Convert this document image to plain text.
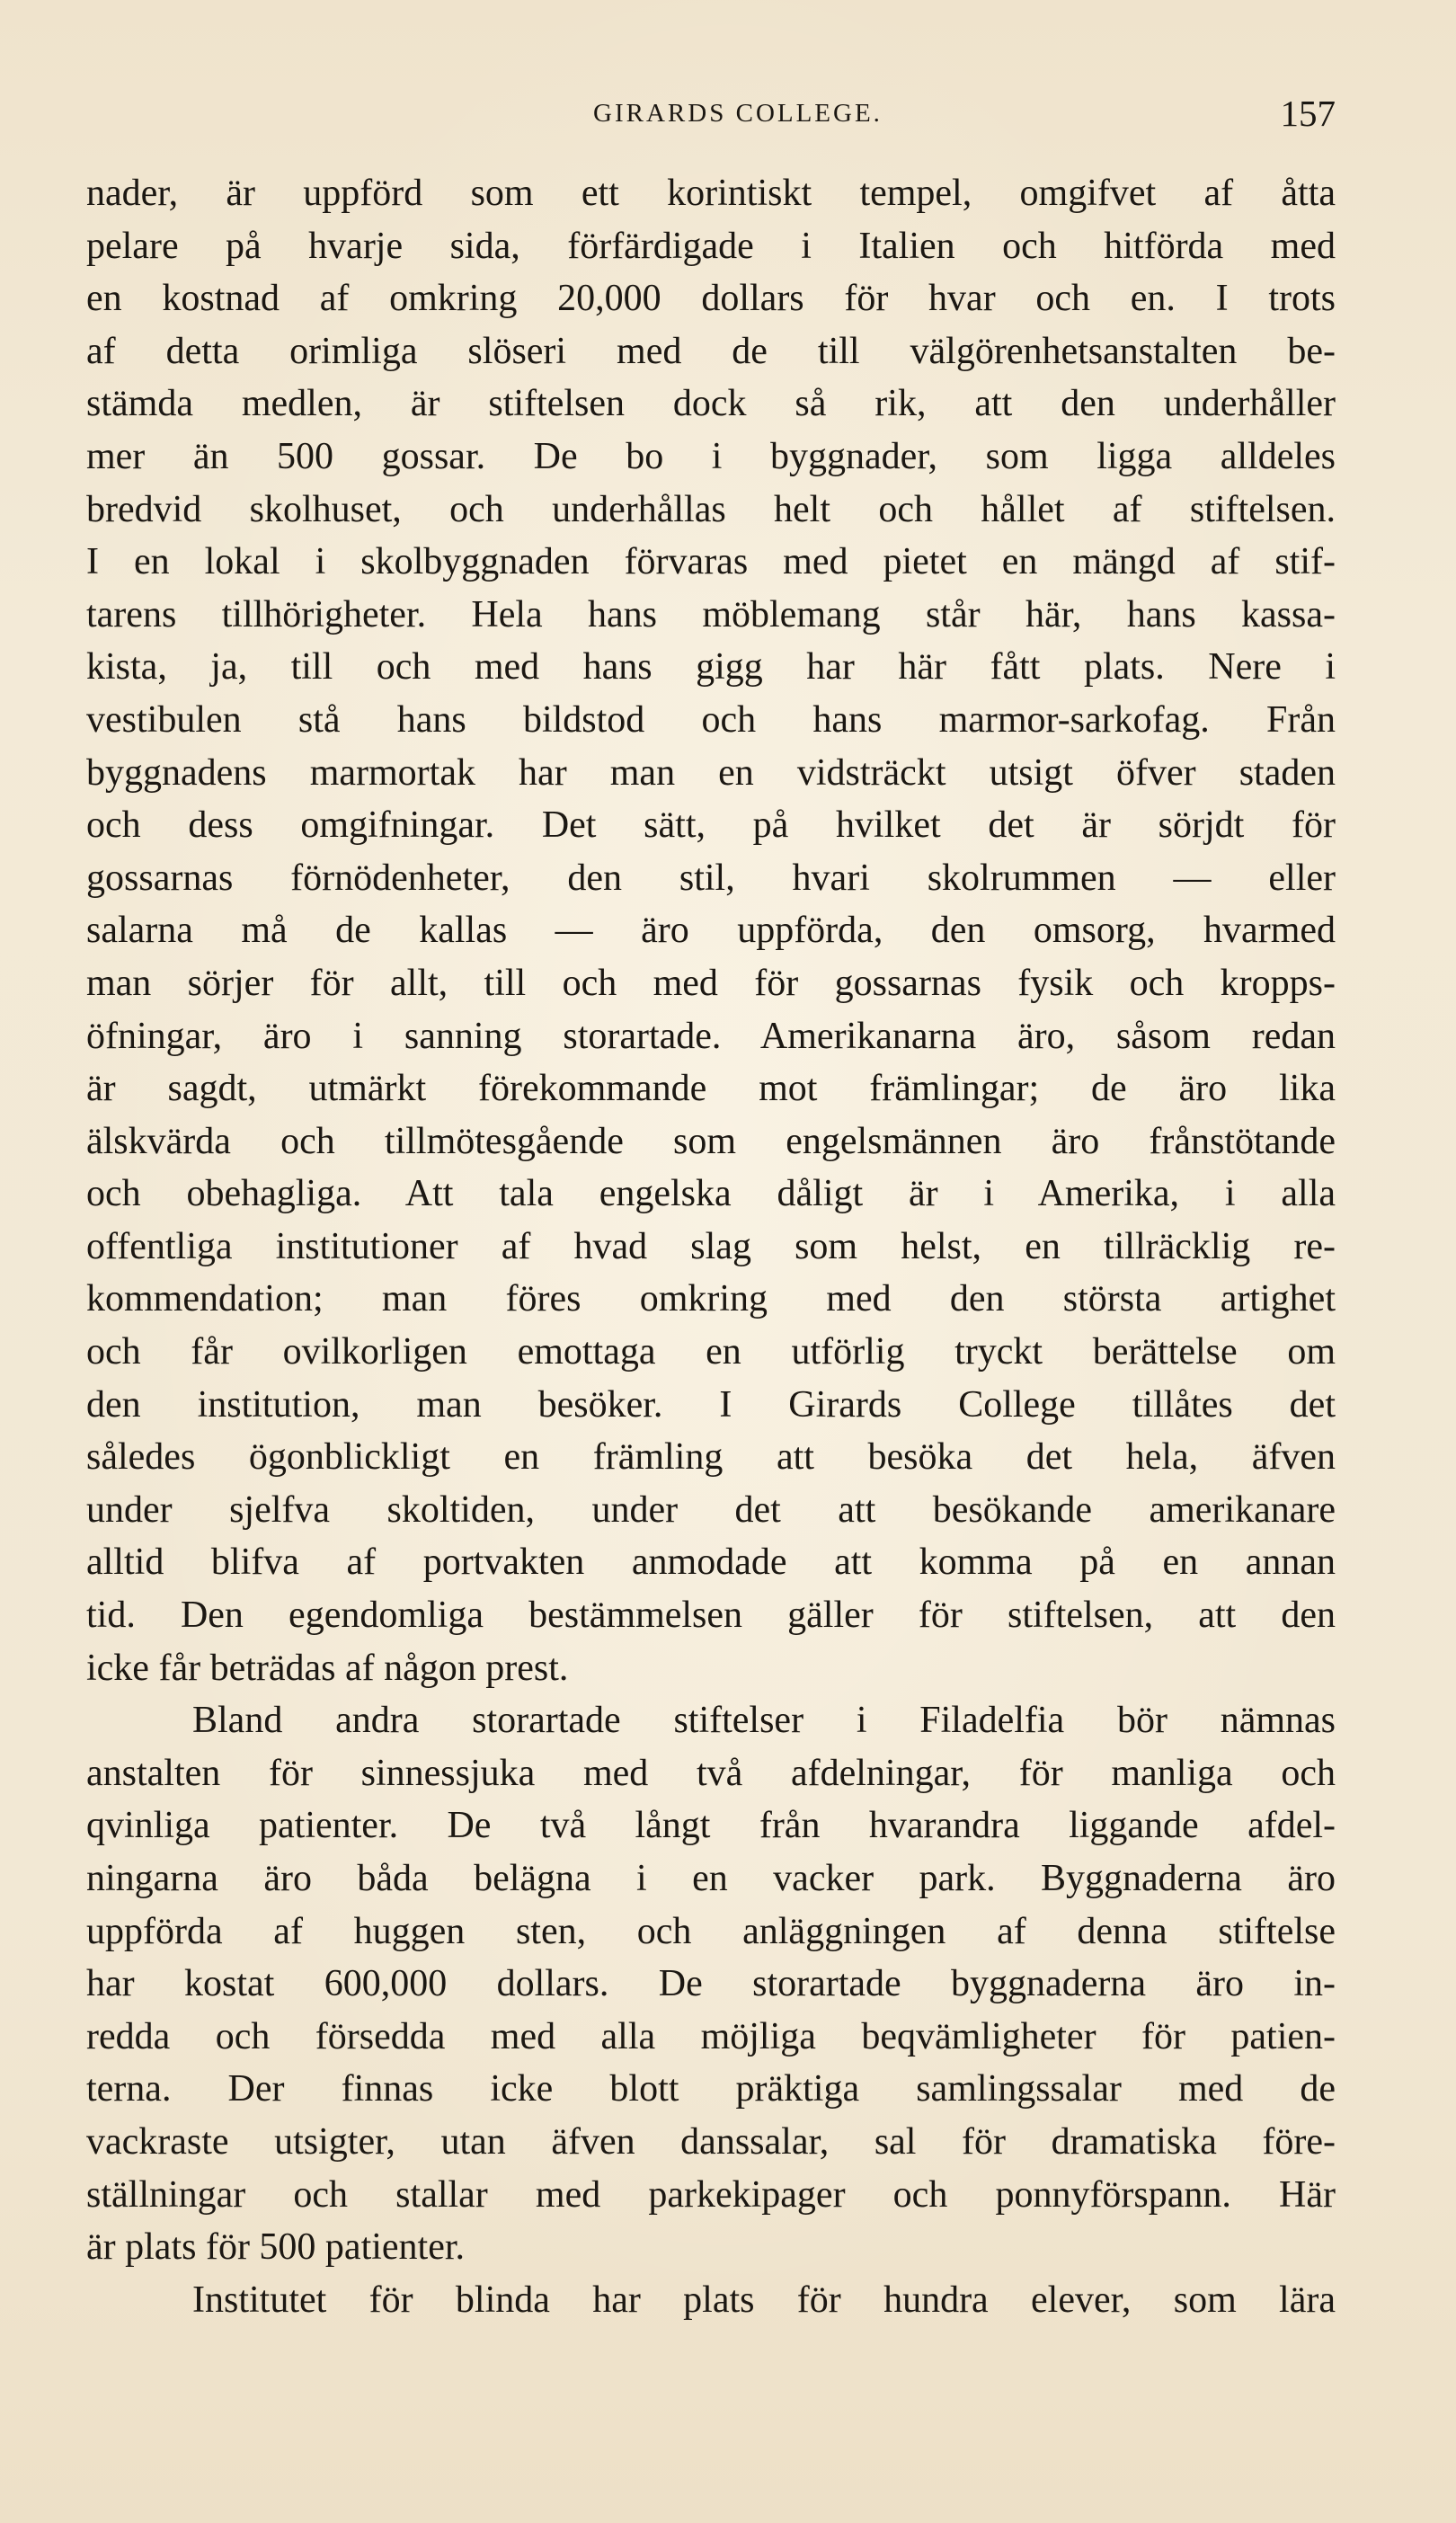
GIRARDS COLLEGE.	157
nader, är uppförd som ett korintiskt tempel, omgifvet af åtta
pelare på hvarje sida, förfärdigade i Italien och hitförda med
en kostnad af omkring 20,000 dollars för hvar och en. I trots
af detta orimliga slöseri med de till välgörenhetsanstalten be-
stämda medlen, är stiftelsen dock så rik, att den underhåller
mer än 500 gossar. De bo i byggnader, som ligga alldeles
bredvid skolhuset, och underhållas helt och hållet af stiftelsen.
I en lokal i skolbyggnaden förvaras med pietet en mängd af stif-
tarens tillhörigheter. Hela hans möblemang står här, hans kassa-
kista, ja, till och med hans gigg har här fått plats. Nere i
vestibulen stå hans bildstod och hans marmor-sarkofag. Från
byggnadens marmortak har man en vidsträckt utsigt öfver staden
och dess omgifningar. Det sätt, på hvilket det är sörjdt för
gossarnas förnödenheter, den stil, hvari skolrummen — eller
salarna må de kallas — äro uppförda, den omsorg, hvarmed
man sörjer för allt, till och med för gossarnas fysik och kropps-
öfningar, äro i sanning storartade. Amerikanarna äro, såsom redan
är sagdt, utmärkt förekommande mot främlingar; de äro lika
älskvärda och tillmötesgående som engelsmännen äro frånstötande
och obehagliga. Att tala engelska dåligt är i Amerika, i alla
offentliga institutioner af hvad slag som helst, en tillräcklig re-
kommendation; man föres omkring med den största artighet
och får ovilkorligen emottaga en utförlig tryckt berättelse om
den institution, man besöker. I Girards College tillåtes det
således ögonblickligt en främling att besöka det hela, äfven
under sjelfva skoltiden, under det att besökande amerikanare
alltid blifva af portvakten anmodade att komma på en annan
tid. Den egendomliga bestämmelsen gäller för stiftelsen, att den
icke får beträdas af någon prest.
Bland andra storartade stiftelser i Filadelfia bör nämnas
anstalten för sinnessjuka med två afdelningar, för manliga och
qvinliga patienter. De två långt från hvarandra liggande afdel-
ningarna äro båda belägna i en vacker park. Byggnaderna äro
uppförda af huggen sten, och anläggningen af denna stiftelse
har kostat 600,000 dollars. De storartade byggnaderna äro in-
redda och försedda med alla möjliga beqvämligheter för patien-
terna. Der finnas icke blott präktiga samlingssalar med de
vackraste utsigter, utan äfven danssalar, sal för dramatiska före-
ställningar och stallar med parkekipager och ponnyförspann. Här
är plats för 500 patienter.
Institutet för blinda har plats för hundra elever, som lära
